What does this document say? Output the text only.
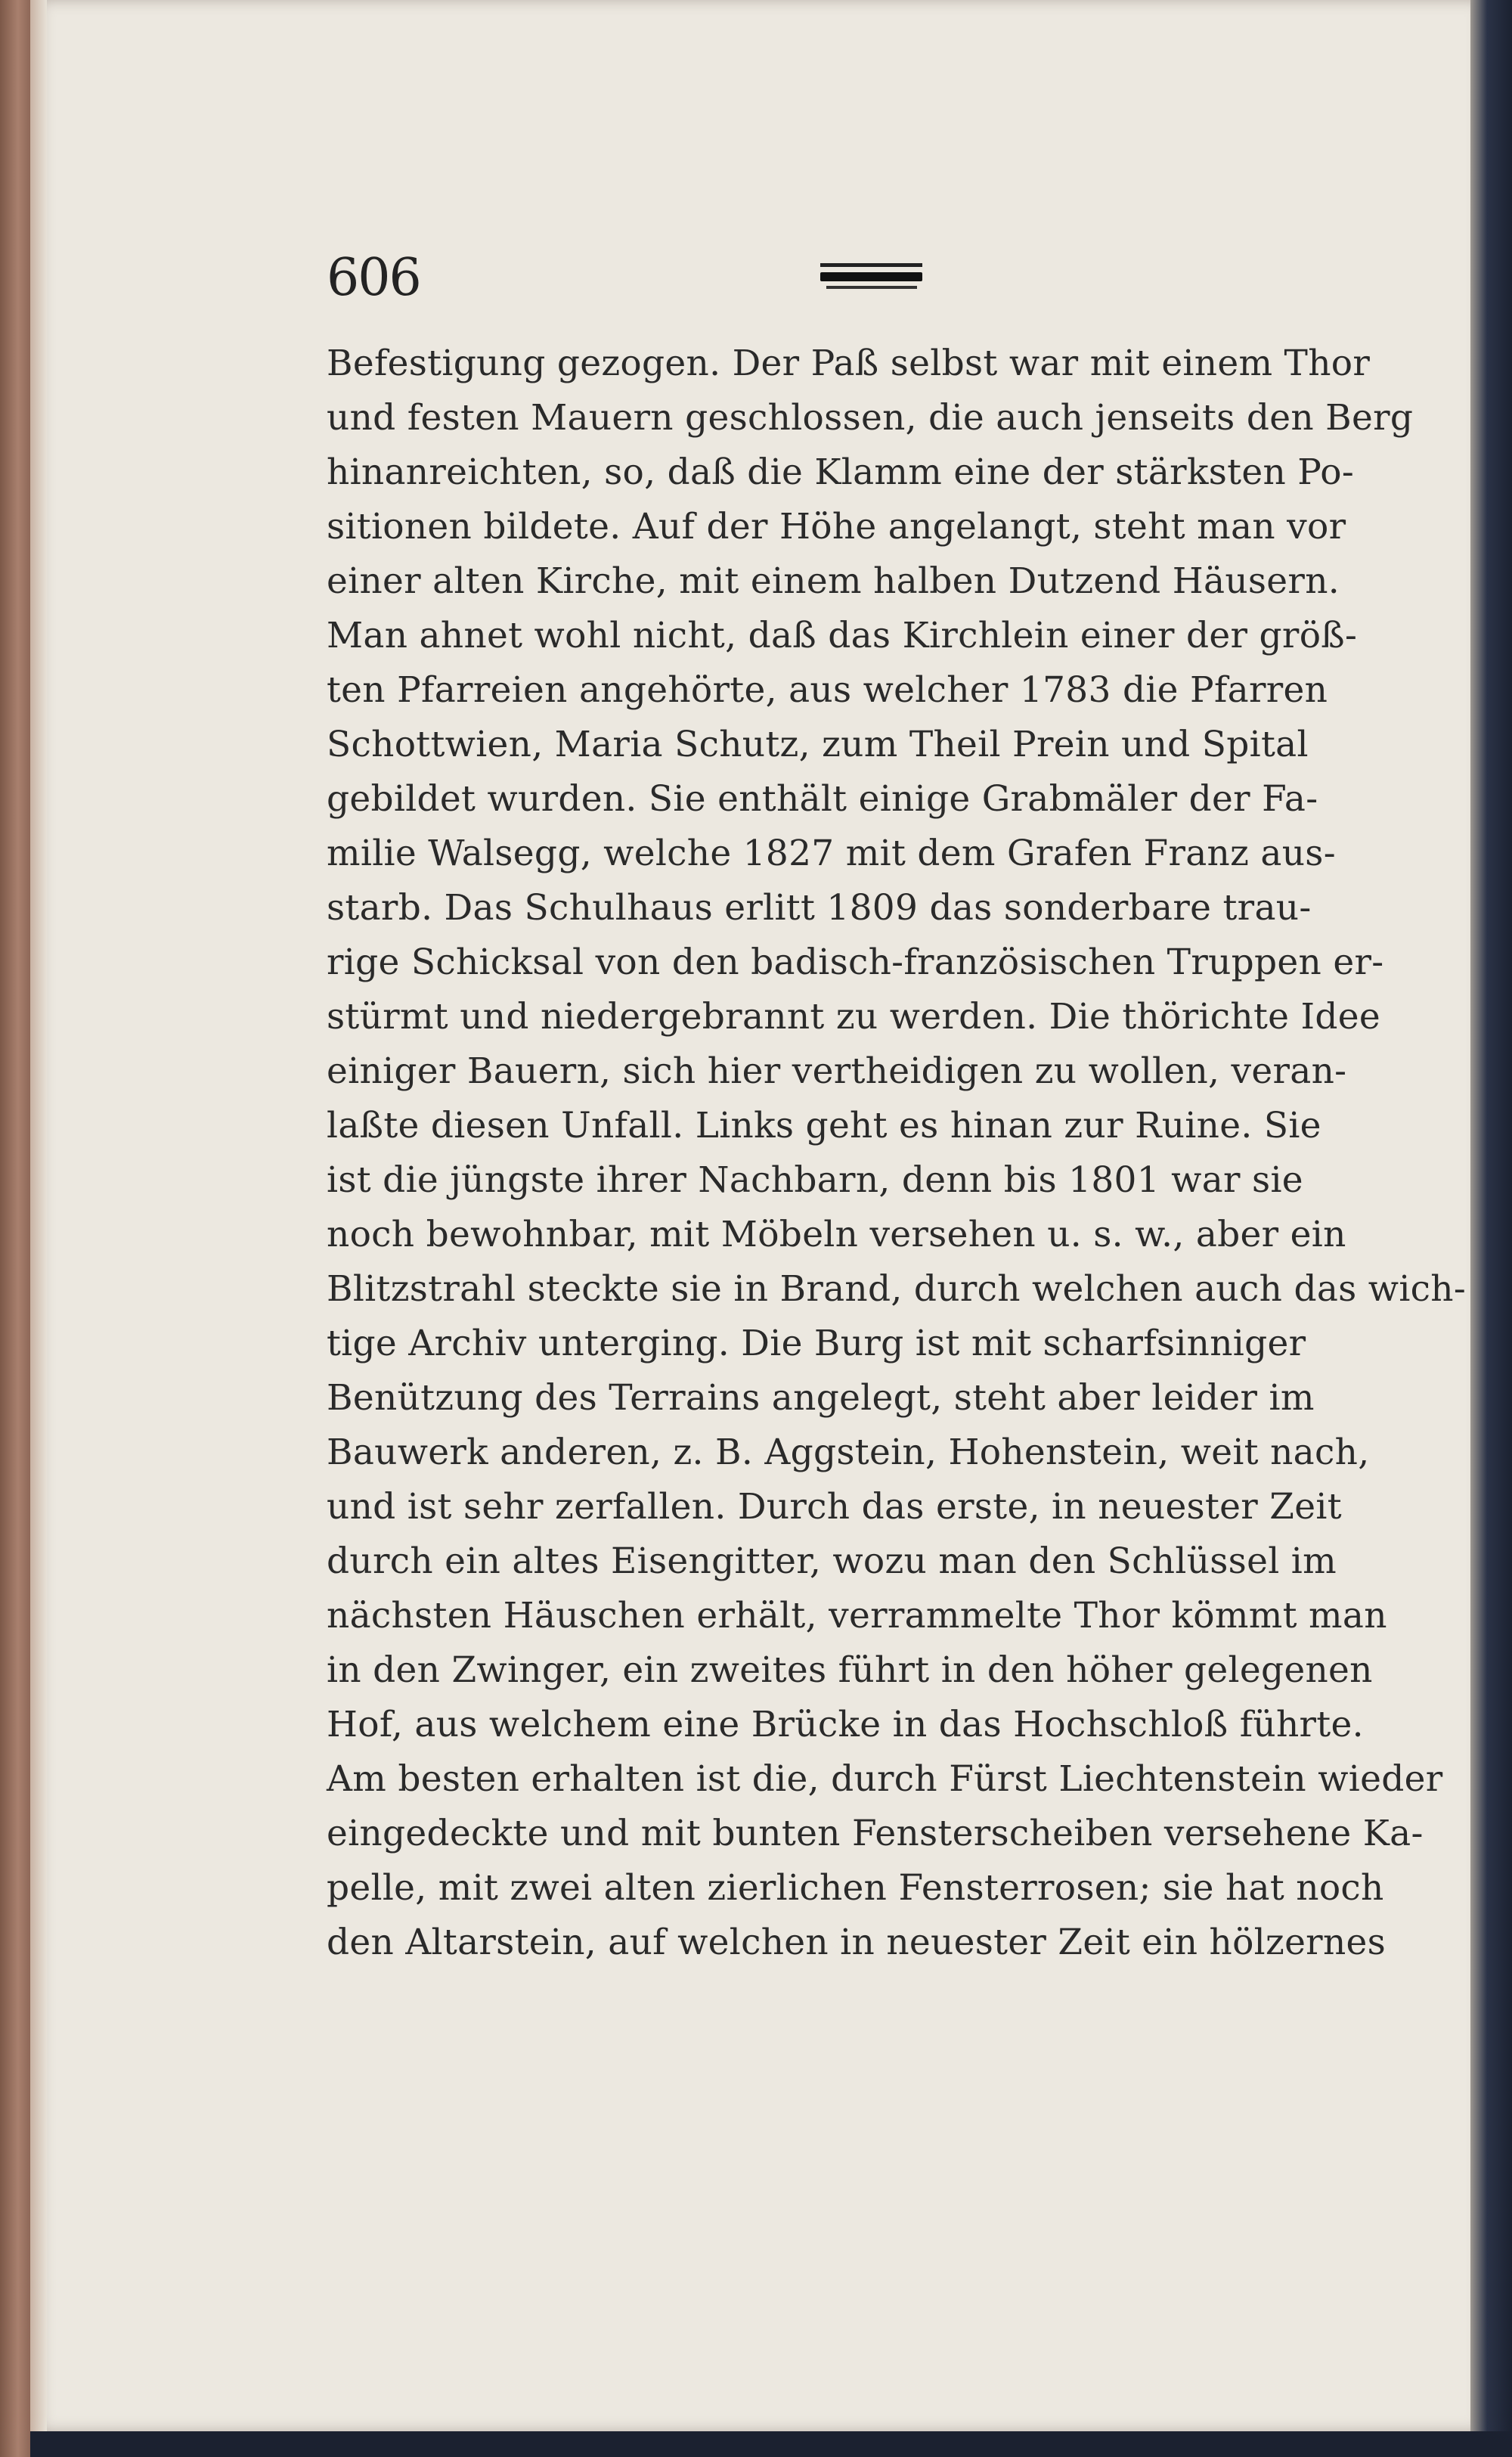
606
Befestigung gezogen. Der Paß selbst war mit einem Thor
und festen Mauern geschlossen, die auch jenseits den Berg
hinanreichten, so, daß die Klamm eine der stärksten Po-
sitionen bildete. Auf der Höhe angelangt, steht man vor
einer alten Kirche, mit einem halben Dutzend Häusern.
Man ahnet wohl nicht, daß das Kirchlein einer der größ-
ten Pfarreien angehörte, aus welcher 1783 die Pfarren
Schottwien, Maria Schutz, zum Theil Prein und Spital
gebildet wurden. Sie enthält einige Grabmäler der Fa-
milie Walsegg, welche 1827 mit dem Grafen Franz aus-
starb. Das Schulhaus erlitt 1809 das sonderbare trau-
rige Schicksal von den badisch-französischen Truppen er-
stürmt und niedergebrannt zu werden. Die thörichte Idee
einiger Bauern, sich hier vertheidigen zu wollen, veran-
laßte diesen Unfall. Links geht es hinan zur Ruine. Sie
ist die jüngste ihrer Nachbarn, denn bis 1801 war sie
noch bewohnbar, mit Möbeln versehen u. s. w., aber ein
Blitzstrahl steckte sie in Brand, durch welchen auch das wich-
tige Archiv unterging. Die Burg ist mit scharfsinniger
Benützung des Terrains angelegt, steht aber leider im
Bauwerk anderen, z. B. Aggstein, Hohenstein, weit nach,
und ist sehr zerfallen. Durch das erste, in neuester Zeit
durch ein altes Eisengitter, wozu man den Schlüssel im
nächsten Häuschen erhält, verrammelte Thor kömmt man
in den Zwinger, ein zweites führt in den höher gelegenen
Hof, aus welchem eine Brücke in das Hochschloß führte.
Am besten erhalten ist die, durch Fürst Liechtenstein wieder
eingedeckte und mit bunten Fensterscheiben versehene Ka-
pelle, mit zwei alten zierlichen Fensterrosen; sie hat noch
den Altarstein, auf welchen in neuester Zeit ein hölzernes
